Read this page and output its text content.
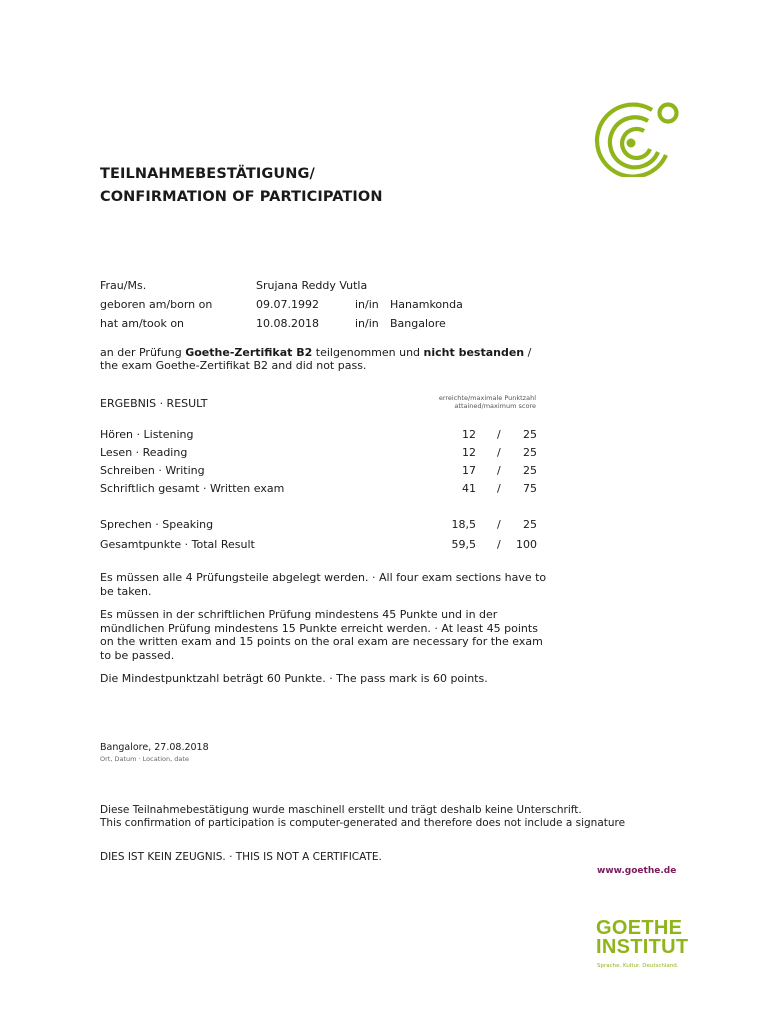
TEILNAHMEBESTÄTIGUNG/
CONFIRMATION OF PARTICIPATION
Frau/Ms.	Srujana Reddy Vutla
geboren am/born on	09.07.1992	in/in Hanamkonda
hat am/took on	10.08.2018	in/in Bangalore
an der Prüfung Goethe-Zertifikat B2 teilgenommen und nicht bestanden /
the exam Goethe-Zertifikat B2 and did not pass.
ERGEBNIS · RESULT	erreichte/maximale Punktzahl
attained/maximum score
Hören · Listening	12 /	25
Lesen · Reading	12 /	25
Schreiben · Writing	17 /	25
Schriftlich gesamt · Written exam	41 /	75
Sprechen · Speaking	18,5 /	25
Gesamtpunkte · Total Result	59,5 /	100

Es müssen alle 4 Prüfungsteile abgelegt werden. · All four exam sections have to be taken.

Es müssen in der schriftlichen Prüfung mindestens 45 Punkte und in der mündlichen Prüfung mindestens 15 Punkte erreicht werden. · At least 45 points on the written exam and 15 points on the oral exam are necessary for the exam to be passed.

Die Mindestpunktzahl beträgt 60 Punkte. · The pass mark is 60 points.

Bangalore, 27.08.2018
Ort, Datum · Location, date
Diese Teilnahmebestätigung wurde maschinell erstellt und trägt deshalb keine Unterschrift.
This confirmation of participation is computer-generated and therefore does not include a signature
DIES IST KEIN ZEUGNIS. · THIS IS NOT A CERTIFICATE.
www.goethe.de
GOETHE
INSTITUT
Sprache. Kultur. Deutschland.
